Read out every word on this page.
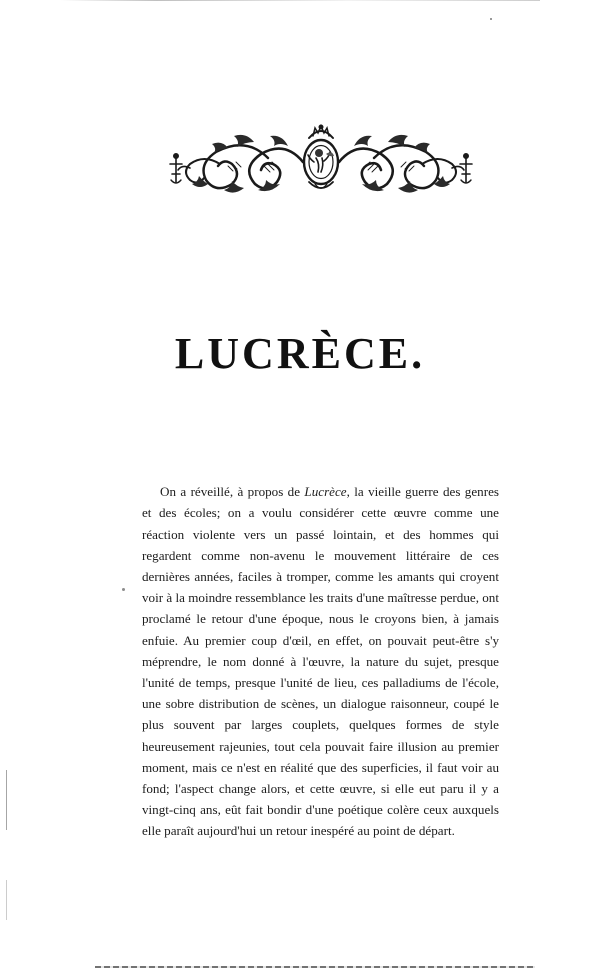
LUCRÈCE.

On a réveillé, à propos de Lucrèce, la vieille guerre des genres et des écoles; on a voulu considérer cette œuvre comme une réaction violente vers un passé lointain, et des hommes qui regardent comme non-avenu le mouvement littéraire de ces dernières années, faciles à tromper, comme les amants qui croyent voir à la moindre ressemblance les traits d'une maîtresse perdue, ont proclamé le retour d'une époque, nous le croyons bien, à jamais enfuie. Au premier coup d'œil, en effet, on pouvait peut-être s'y méprendre, le nom donné à l'œuvre, la nature du sujet, presque l'unité de temps, presque l'unité de lieu, ces palladiums de l'école, une sobre distribution de scènes, un dialogue raisonneur, coupé le plus souvent par larges couplets, quelques formes de style heureusement rajeunies, tout cela pouvait faire illusion au premier moment, mais ce n'est en réalité que des superficies, il faut voir au fond; l'aspect change alors, et cette œuvre, si elle eut paru il y a vingt-cinq ans, eût fait bondir d'une poétique colère ceux auxquels elle paraît aujourd'hui un retour inespéré au point de départ.
